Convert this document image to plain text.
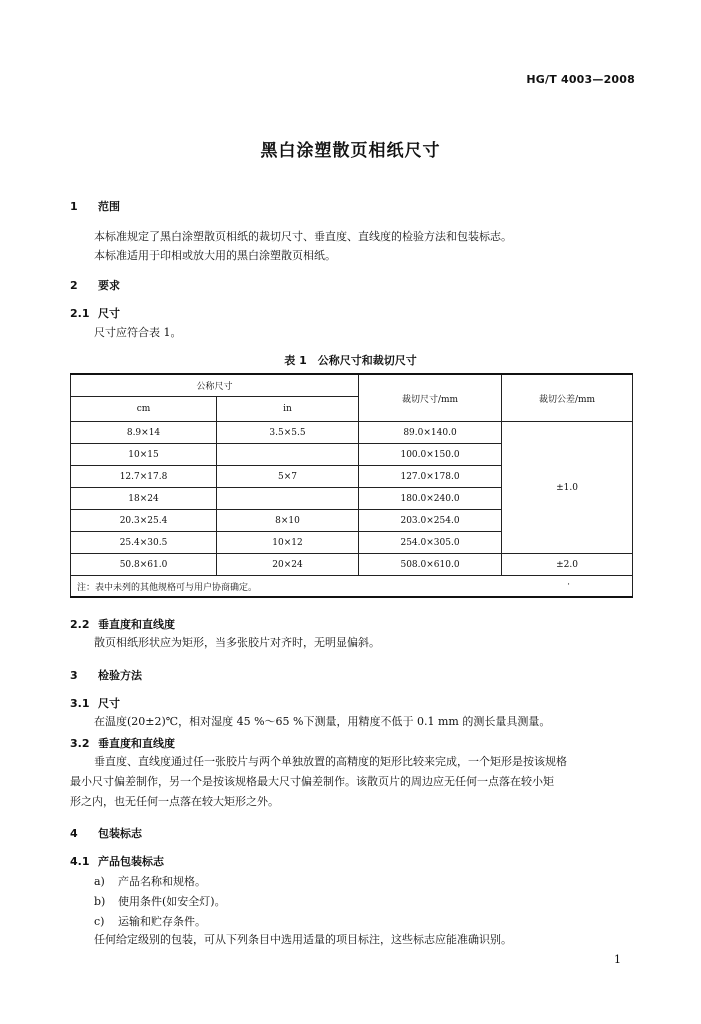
HG/T 4003—2008
黑白涂塑散页相纸尺寸
1 范围
本标准规定了黑白涂塑散页相纸的裁切尺寸、垂直度、直线度的检验方法和包装标志。
本标准适用于印相或放大用的黑白涂塑散页相纸。
2 要求
2.1 尺寸
尺寸应符合表 1。
表 1　公称尺寸和裁切尺寸
公称尺寸		裁切尺寸/mm	裁切公差/mm
cm	in		
8.9×14	3.5×5.5	89.0×140.0	±1.0
10×15		100.0×150.0	
12.7×17.8	5×7	127.0×178.0	
18×24		180.0×240.0	
20.3×25.4	8×10	203.0×254.0	
25.4×30.5	10×12	254.0×305.0	
50.8×61.0	20×24	508.0×610.0	±2.0
注：表中未列的其他规格可与用户协商确定。 ·			
2.2 垂直度和直线度
散页相纸形状应为矩形，当多张胶片对齐时，无明显偏斜。
3 检验方法
3.1 尺寸
在温度(20±2)℃，相对湿度 45 %～65 %下测量，用精度不低于 0.1 mm 的测长量具测量。
3.2 垂直度和直线度
垂直度、直线度通过任一张胶片与两个单独放置的高精度的矩形比较来完成，一个矩形是按该规格
最小尺寸偏差制作，另一个是按该规格最大尺寸偏差制作。该散页片的周边应无任何一点落在较小矩
形之内，也无任何一点落在较大矩形之外。
4 包装标志
4.1 产品包装标志
a) 产品名称和规格。
b) 使用条件(如安全灯)。
c) 运输和贮存条件。
任何给定级别的包装，可从下列条目中选用适量的项目标注，这些标志应能准确识别。
1
